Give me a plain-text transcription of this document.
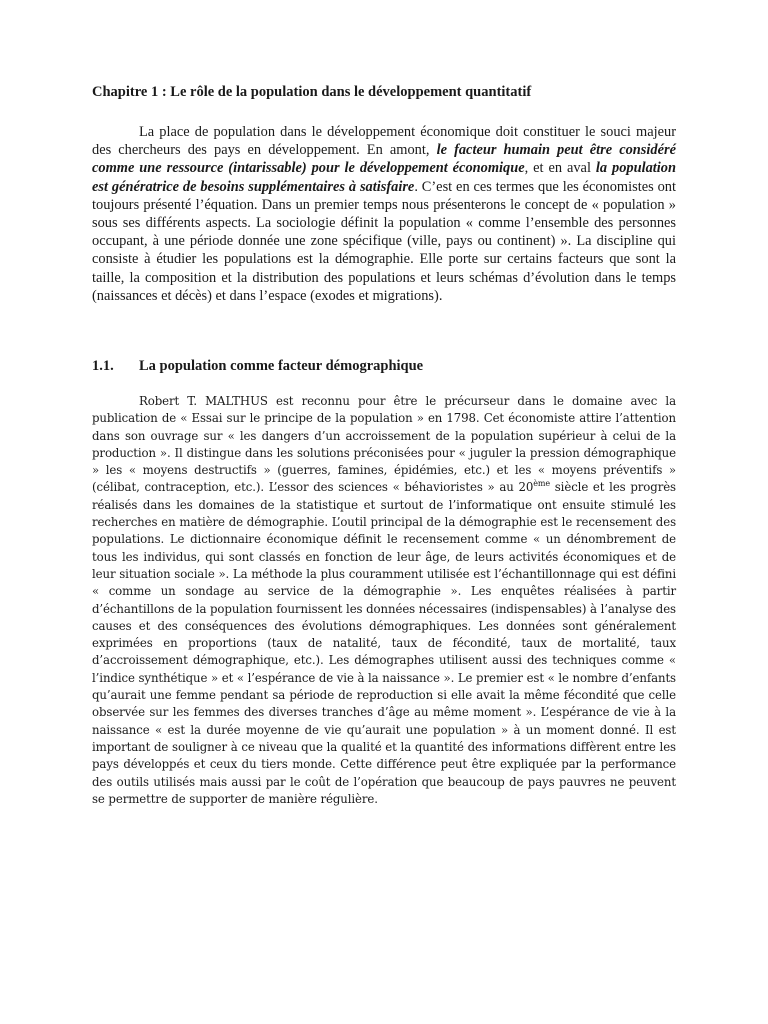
Chapitre 1 : Le rôle de la population dans le développement quantitatif

La place de population dans le développement économique doit constituer le souci majeur des chercheurs des pays en développement. En amont, le facteur humain peut être considéré comme une ressource (intarissable) pour le développement économique, et en aval la population est génératrice de besoins supplémentaires à satisfaire. C’est en ces termes que les économistes ont toujours présenté l’équation. Dans un premier temps nous présenterons le concept de « population » sous ses différents aspects. La sociologie définit la population « comme l’ensemble des personnes occupant, à une période donnée une zone spécifique (ville, pays ou continent) ». La discipline qui consiste à étudier les populations est la démographie. Elle porte sur certains facteurs que sont la taille, la composition et la distribution des populations et leurs schémas d’évolution dans le temps (naissances et décès) et dans l’espace (exodes et migrations).

1.1. La population comme facteur démographique

Robert T. MALTHUS est reconnu pour être le précurseur dans le domaine avec la publication de « Essai sur le principe de la population » en 1798. Cet économiste attire l’attention dans son ouvrage sur « les dangers d’un accroissement de la population supérieur à celui de la production ». Il distingue dans les solutions préconisées pour « juguler la pression démographique » les « moyens destructifs » (guerres, famines, épidémies, etc.) et les « moyens préventifs » (célibat, contraception, etc.). L’essor des sciences « béhavioristes » au 20ème siècle et les progrès réalisés dans les domaines de la statistique et surtout de l’informatique ont ensuite stimulé les recherches en matière de démographie. L’outil principal de la démographie est le recensement des populations. Le dictionnaire économique définit le recensement comme « un dénombrement de tous les individus, qui sont classés en fonction de leur âge, de leurs activités économiques et de leur situation sociale ». La méthode la plus couramment utilisée est l’échantillonnage qui est défini « comme un sondage au service de la démographie ». Les enquêtes réalisées à partir d’échantillons de la population fournissent les données nécessaires (indispensables) à l’analyse des causes et des conséquences des évolutions démographiques. Les données sont généralement exprimées en proportions (taux de natalité, taux de fécondité, taux de mortalité, taux d’accroissement démographique, etc.). Les démographes utilisent aussi des techniques comme « l’indice synthétique » et « l’espérance de vie à la naissance ». Le premier est « le nombre d’enfants qu’aurait une femme pendant sa période de reproduction si elle avait la même fécondité que celle observée sur les femmes des diverses tranches d’âge au même moment ». L’espérance de vie à la naissance « est la durée moyenne de vie qu’aurait une population » à un moment donné. Il est important de souligner à ce niveau que la qualité et la quantité des informations diffèrent entre les pays développés et ceux du tiers monde. Cette différence peut être expliquée par la performance des outils utilisés mais aussi par le coût de l’opération que beaucoup de pays pauvres ne peuvent se permettre de supporter de manière régulière.
